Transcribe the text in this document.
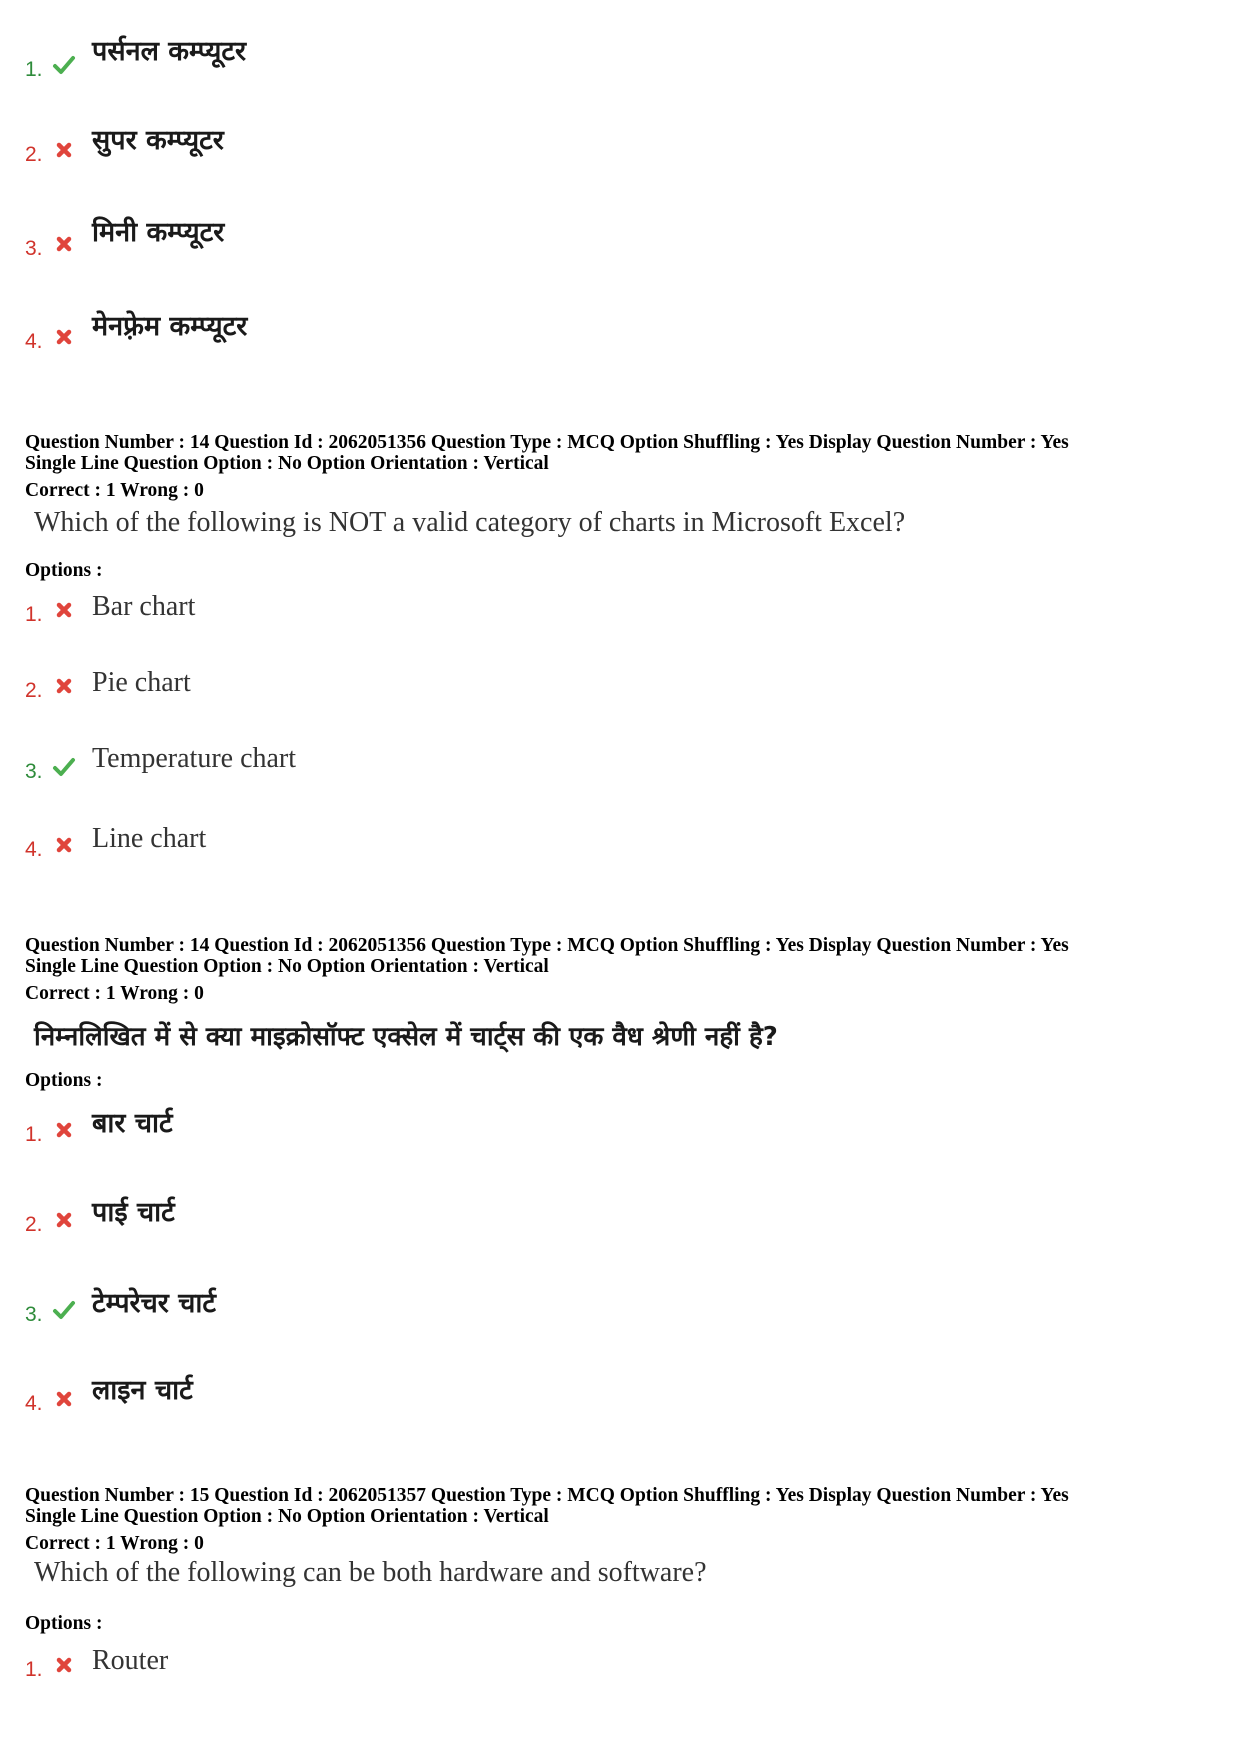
1.
पर्सनल कम्प्यूटर
2. सुपर कम्प्यूटर
3.
मिनी कम्प्यूटर
4. मेनफ़्रेम कम्प्यूटर
Question Number : 14 Question Id : 2062051356 Question Type : MCQ Option Shuffling : Yes Display Question Number : Yes
Single Line Question Option : No Option Orientation : Vertical
Correct : 1 Wrong : 0
Which of the following is NOT a valid category of charts in Microsoft Excel?
Options :
1. Bar chart
2. Pie chart
3. Temperature chart
4. Line chart
Question Number : 14 Question Id : 2062051356 Question Type : MCQ Option Shuffling : Yes Display Question Number : Yes
Single Line Question Option : No Option Orientation : Vertical
Correct : 1 Wrong : 0
निम्नलिखित में से क्या माइक्रोसॉफ्ट एक्सेल में चार्ट्स की एक वैध श्रेणी नहीं है?
Options :
1. बार चार्ट
2. पाई चार्ट
3. टेम्परेचर चार्ट
4. लाइन चार्ट
Question Number : 15 Question Id : 2062051357 Question Type : MCQ Option Shuffling : Yes Display Question Number : Yes
Single Line Question Option : No Option Orientation : Vertical
Correct : 1 Wrong : 0
Which of the following can be both hardware and software?
Options :
1. Router
